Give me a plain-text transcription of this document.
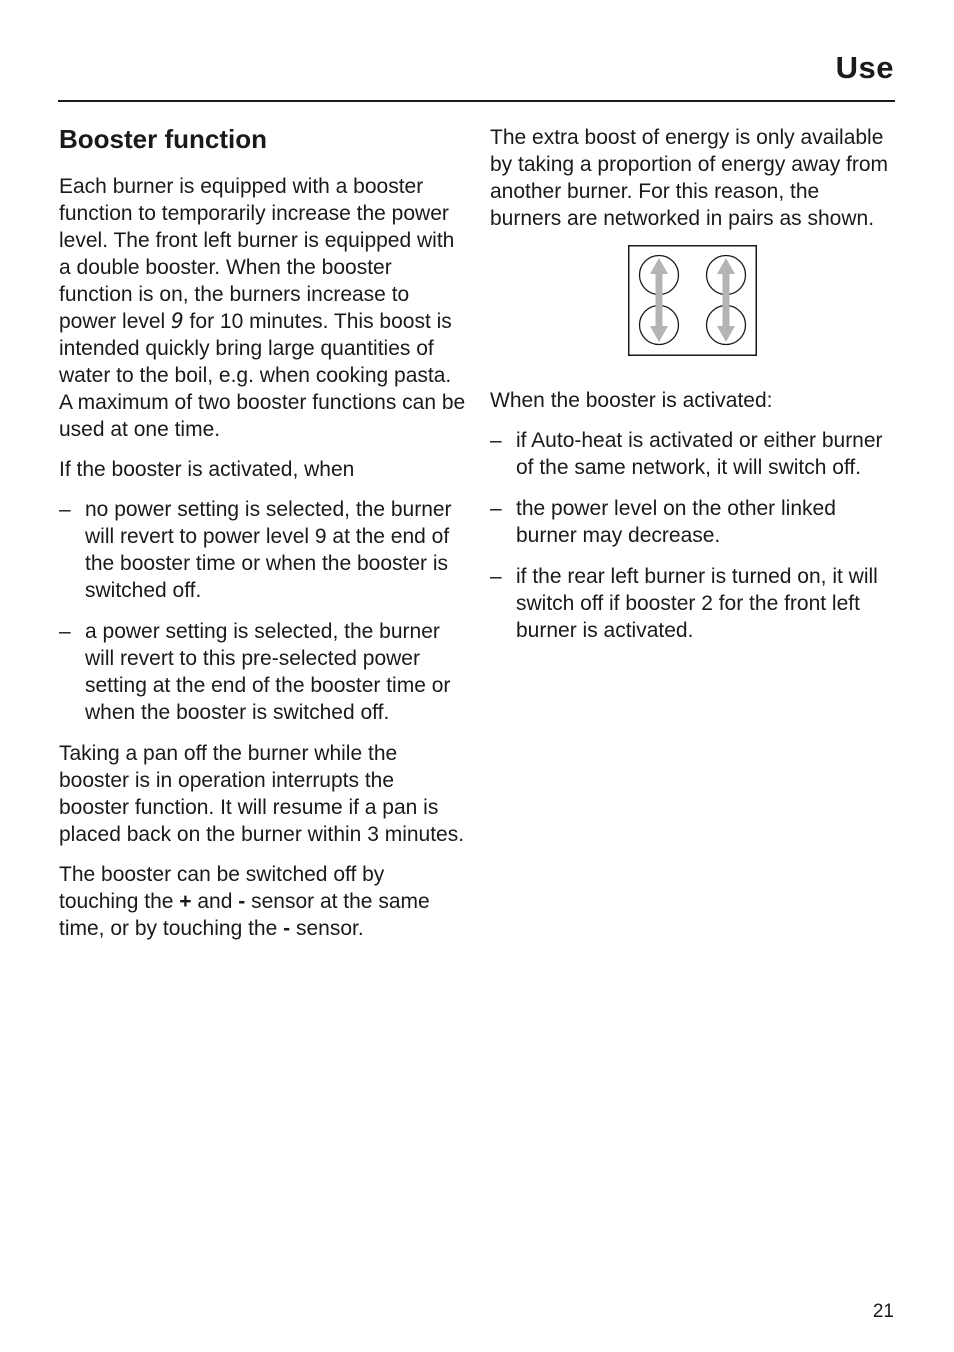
Use
Booster function

Each burner is equipped with a booster function to temporarily increase the power level. The front left burner is equipped with a double booster. When the booster function is on, the burners increase to power level 9 for 10 minutes. This boost is intended quickly bring large quantities of water to the boil, e.g. when cooking pasta. A maximum of two booster functions can be used at one time.

If the booster is activated, when

– no power setting is selected, the burner will revert to power level 9 at the end of the booster time or when the booster is switched off.
– a power setting is selected, the burner will revert to this pre-selected power setting at the end of the booster time or when the booster is switched off.

Taking a pan off the burner while the booster is in operation interrupts the booster function. It will resume if a pan is placed back on the burner within 3 minutes.

The booster can be switched off by touching the + and - sensor at the same time, or by touching the - sensor.

The extra boost of energy is only available by taking a proportion of energy away from another burner. For this reason, the burners are networked in pairs as shown.

When the booster is activated:

– if Auto-heat is activated or either burner of the same network, it will switch off.
– the power level on the other linked burner may decrease.
– if the rear left burner is turned on, it will switch off if booster 2 for the front left burner is activated.
21
